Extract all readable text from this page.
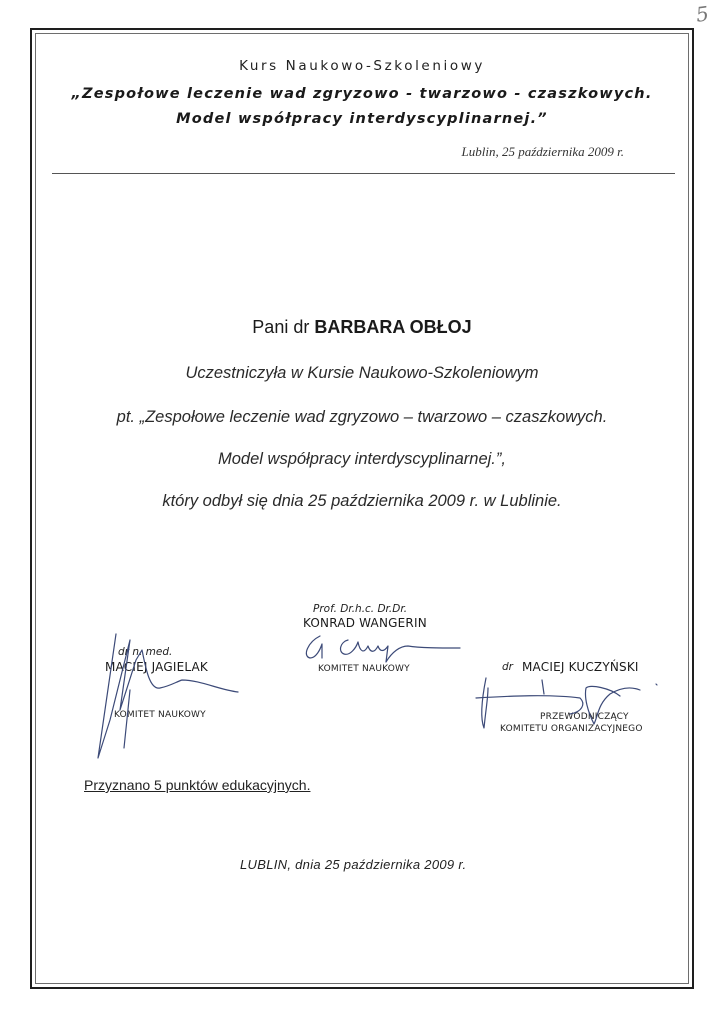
5
Kurs Naukowo-Szkoleniowy
„Zespołowe leczenie wad zgryzowo - twarzowo - czaszkowych.
Model współpracy interdyscyplinarnej.”
Lublin, 25 października 2009 r.
Pani dr BARBARA OBŁOJ
Uczestniczyła w Kursie Naukowo-Szkoleniowym
pt. „Zespołowe leczenie wad zgryzowo – twarzowo – czaszkowych.
Model współpracy interdyscyplinarnej.”,
który odbył się dnia 25 października 2009 r. w Lublinie.
dr n. med.
MACIEJ JAGIELAK
KOMITET NAUKOWY
Prof. Dr.h.c. Dr.Dr.
KONRAD WANGERIN
KOMITET NAUKOWY	dr MACIEJ KUCZYŃSKI
PRZEWODNICZĄCY
KOMITETU ORGANIZACYJNEGO
Przyznano 5 punktów edukacyjnych.
LUBLIN, dnia 25 października 2009 r.
